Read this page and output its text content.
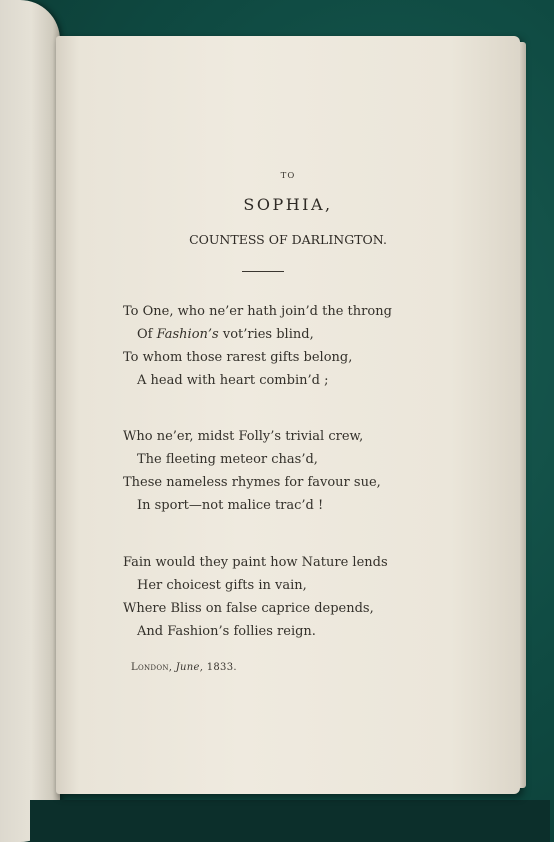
TO
SOPHIA,
COUNTESS OF DARLINGTON.
To One, who ne’er hath join’d the throng
Of Fashion’s vot’ries blind,
To whom those rarest gifts belong,
A head with heart combin’d ;
Who ne’er, midst Folly’s trivial crew,
The fleeting meteor chas’d,
These nameless rhymes for favour sue,
In sport—not malice trac’d !
Fain would they paint how Nature lends
Her choicest gifts in vain,
Where Bliss on false caprice depends,
And Fashion’s follies reign.
London, June, 1833.
